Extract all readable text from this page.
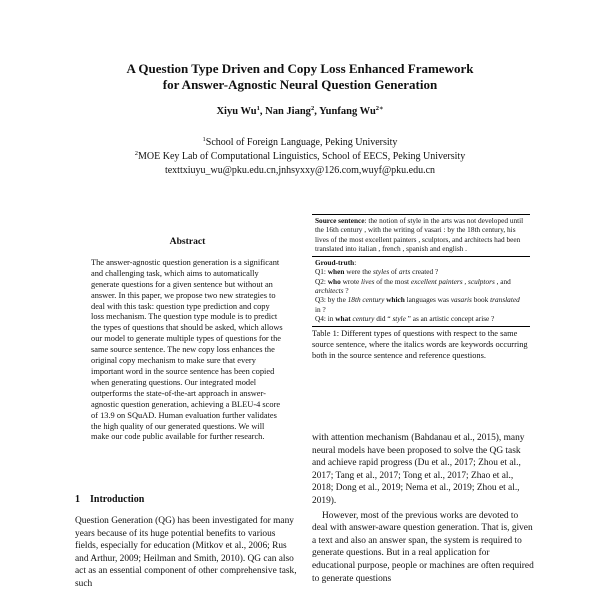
A Question Type Driven and Copy Loss Enhanced Framework
for Answer-Agnostic Neural Question Generation
Xiyu Wu$^1$, Nan Jiang$^2$, Yunfang $Wu^{2∗}$
$^1$School of Foreign Language, Peking University
$^2$MOE Key Lab of Computational Linguistics, School of EECS, Peking University
texttxiuyu_wu@pku.edu.cn,jnhsyxxy@126.com,wuyf@pku.edu.cn
Abstract
The answer-agnostic question generation is a significant and challenging task, which aims to automatically generate questions for a given sentence but without an answer. In this paper, we propose two new strategies to deal with this task: question type prediction and copy loss mechanism. The question type module is to predict the types of questions that should be asked, which allows our model to generate multiple types of questions for the same source sentence. The new copy loss enhances the original copy mechanism to make sure that every important word in the source sentence has been copied when generating questions. Our integrated model outperforms the state-of-the-art approach in answer-agnostic question generation, achieving a BLEU-4 score of 13.9 on SQuAD. Human evaluation further validates the high quality of our generated questions. We will make our code public available for further research.
1 Introduction
Question Generation (QG) has been investigated for many years because of its huge potential benefits to various fields, especially for education (Mitkov et al., 2006; Rus and Arthur, 2009; Heilman and Smith, 2010). QG can also act as an essential component of other comprehensive task, such
Source sentence: the notion of style in the arts was not developed until the 16th century , with the writing of vasari : by the 18th century, his lives of the most excellent painters , sculptors, and architects had been translated into italian , french , spanish and english .
Groud-truth:
Q1: when were the styles of arts created ?
Q2: who wrote lives of the most excellent painters , sculptors , and architects ?
Q3: by the 18th century which languages was vasaris book translated in ?
Q4: in what century did “ style ” as an artistic concept arise ?
Table 1: Different types of questions with respect to the same source sentence, where the italics words are keywords occurring both in the source sentence and reference questions.

with attention mechanism (Bahdanau et al., 2015), many neural models have been proposed to solve the QG task and achieve rapid progress (Du et al., 2017; Zhou et al., 2017; Tang et al., 2017; Tong et al., 2017; Zhao et al., 2018; Dong et al., 2019; Nema et al., 2019; Zhou et al., 2019).

However, most of the previous works are devoted to deal with answer-aware question generation. That is, given a text and also an answer span, the system is required to generate questions. But in a real application for educational purpose, people or machines are often required to generate questions
